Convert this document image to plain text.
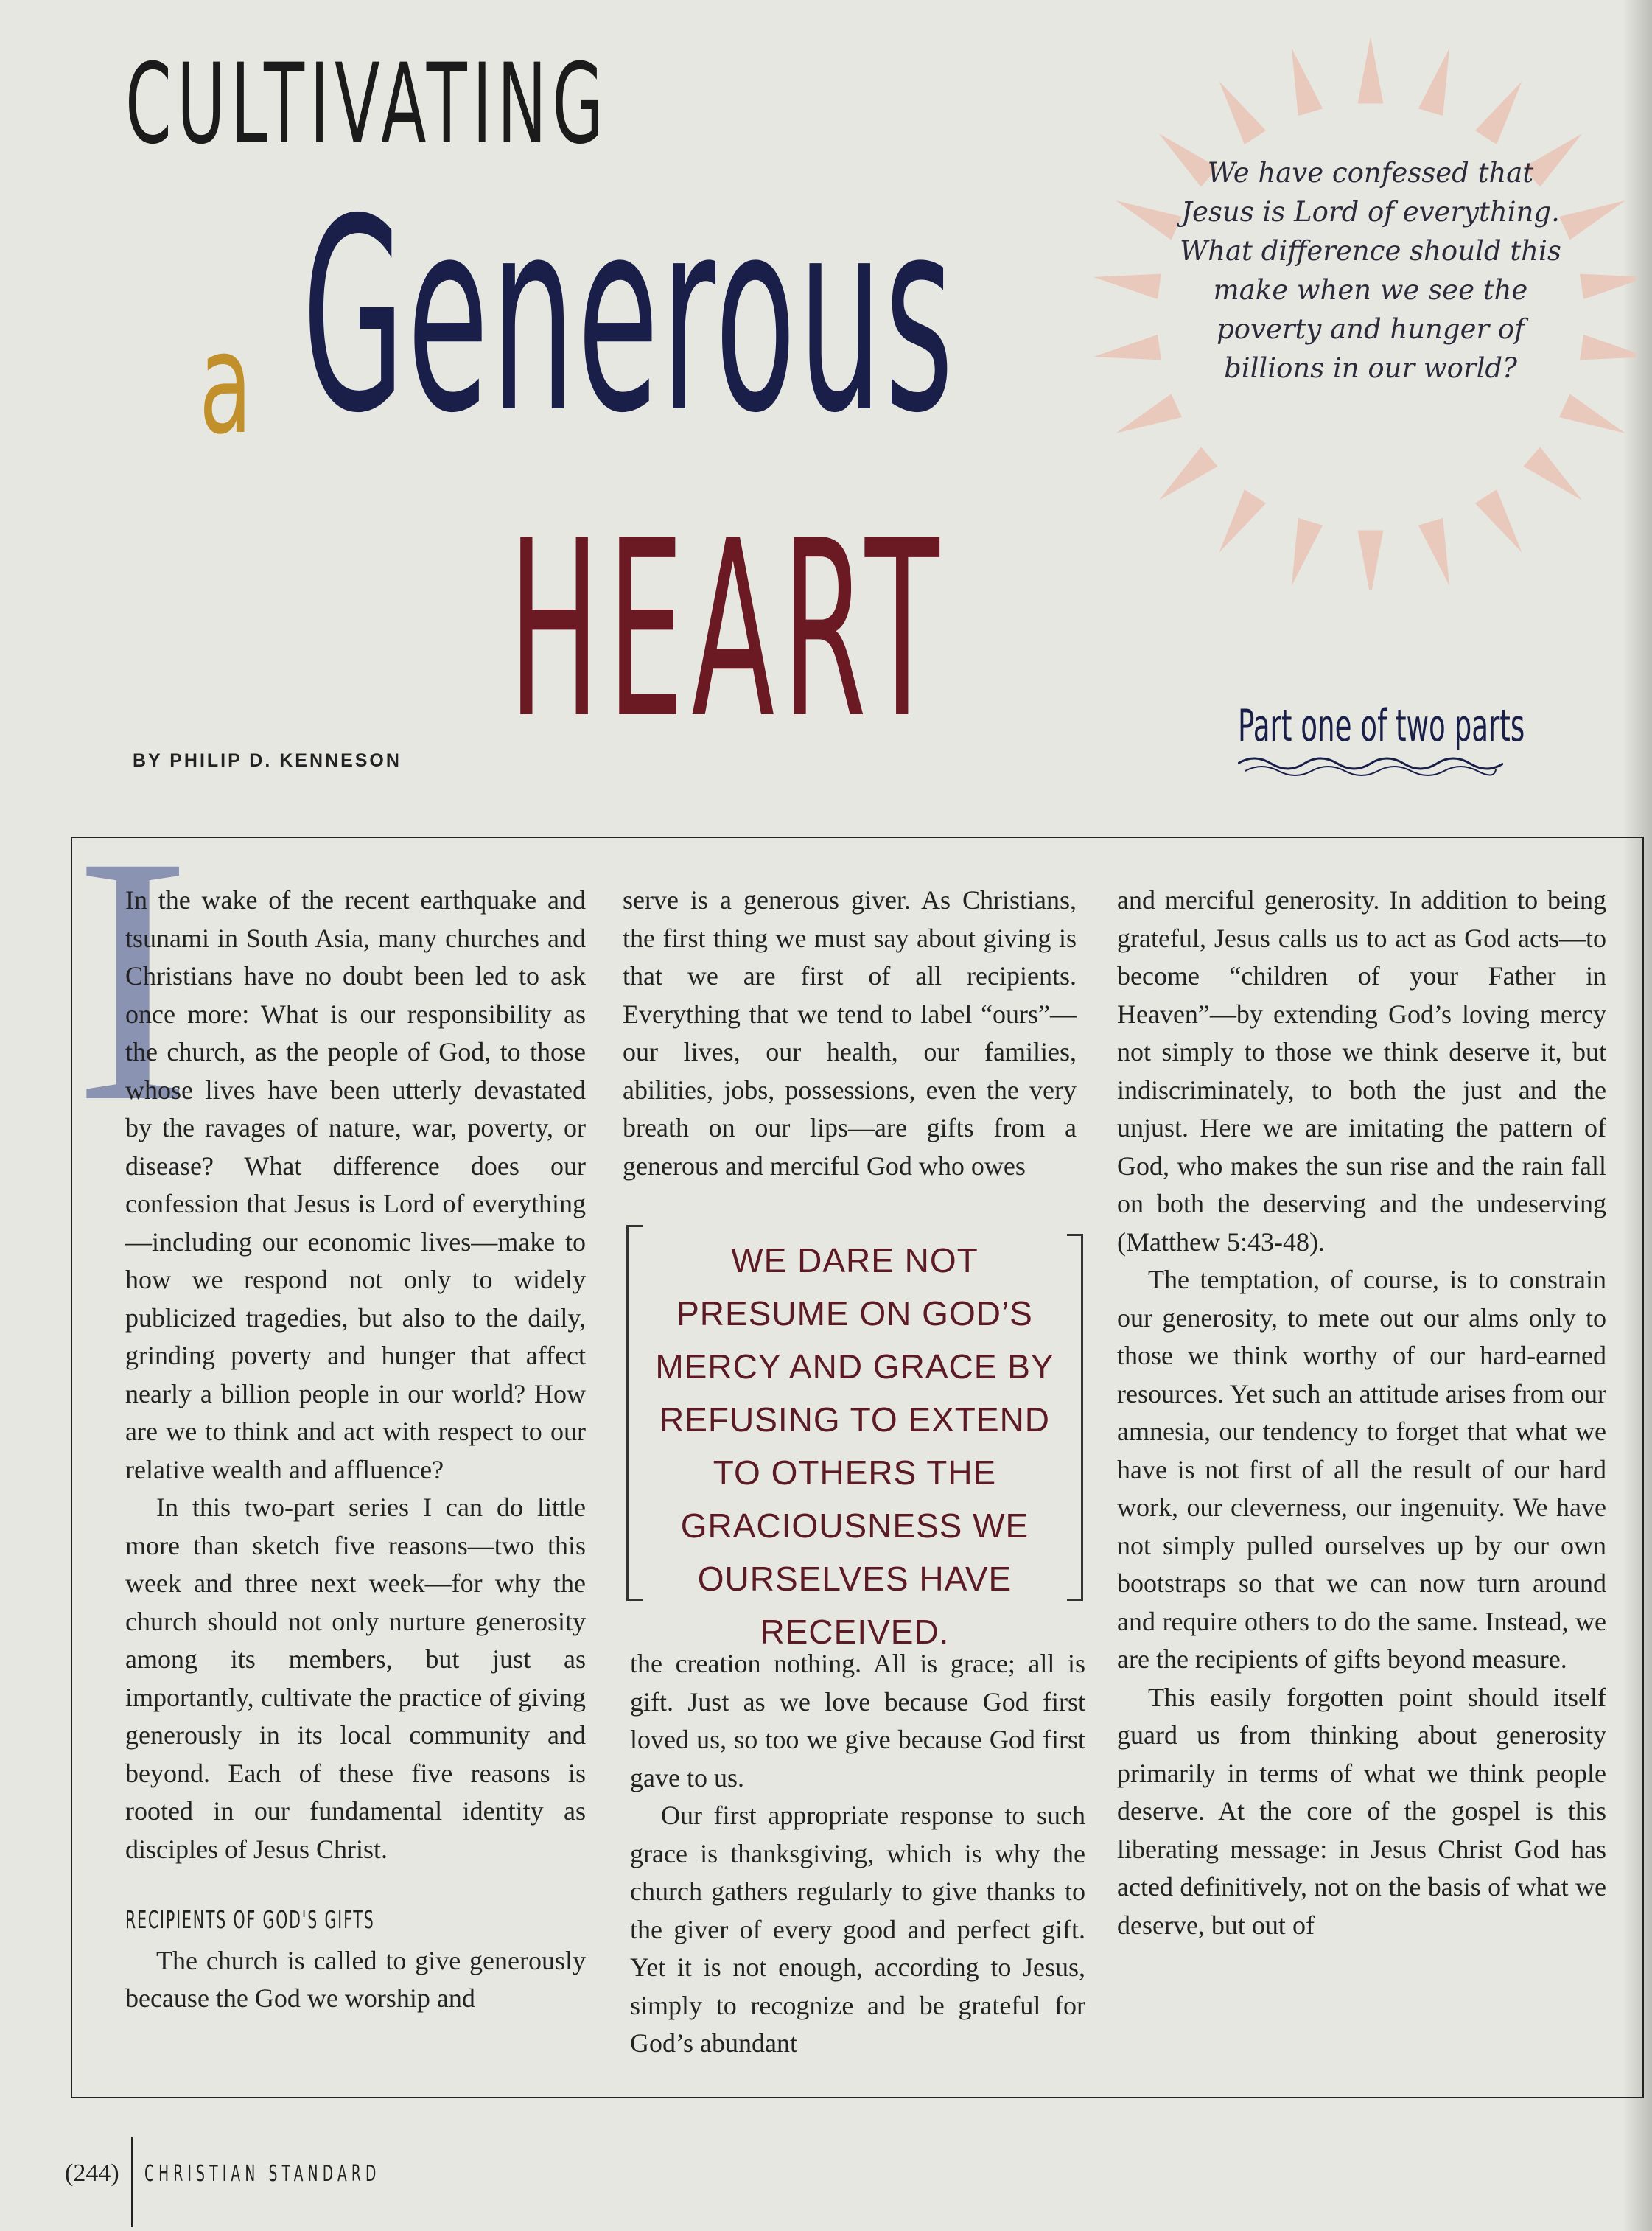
CULTIVATING
a Generous
HEART
BY PHILIP D. KENNESON
We have confessed that Jesus is Lord of everything. What difference should this make when we see the poverty and hunger of billions in our world?
Part one of two parts
I

In the wake of the recent earthquake and tsunami in South Asia, many churches and Christians have no doubt been led to ask once more: What is our responsibility as the church, as the people of God, to those whose lives have been utterly devastated by the ravages of nature, war, poverty, or disease? What difference does our confession that Jesus is Lord of everything—including our economic lives—make to how we respond not only to widely publicized tragedies, but also to the daily, grinding poverty and hunger that affect nearly a billion people in our world? How are we to think and act with respect to our relative wealth and affluence?

In this two-part series I can do little more than sketch five reasons—two this week and three next week—for why the church should not only nurture generosity among its members, but just as importantly, cultivate the practice of giving generously in its local community and beyond. Each of these five reasons is rooted in our fundamental identity as disciples of Jesus Christ.

RECIPIENTS OF GOD'S GIFTS

The church is called to give generously because the God we worship and

serve is a generous giver. As Christians, the first thing we must say about giving is that we are first of all recipients. Everything that we tend to label “ours”—our lives, our health, our families, abilities, jobs, possessions, even the very breath on our lips—are gifts from a generous and merciful God who owes

WE DARE NOT PRESUME ON GOD’S MERCY AND GRACE BY REFUSING TO EXTEND TO OTHERS THE GRACIOUSNESS WE OURSELVES HAVE RECEIVED.

the creation nothing. All is grace; all is gift. Just as we love because God first loved us, so too we give because God first gave to us.

Our first appropriate response to such grace is thanksgiving, which is why the church gathers regularly to give thanks to the giver of every good and perfect gift. Yet it is not enough, according to Jesus, simply to recognize and be grateful for God’s abundant

and merciful generosity. In addition to being grateful, Jesus calls us to act as God acts—to become “children of your Father in Heaven”—by extending God’s loving mercy not simply to those we think deserve it, but indiscriminately, to both the just and the unjust. Here we are imitating the pattern of God, who makes the sun rise and the rain fall on both the deserving and the undeserving (Matthew 5:43-48).

The temptation, of course, is to constrain our generosity, to mete out our alms only to those we think worthy of our hard-earned resources. Yet such an attitude arises from our amnesia, our tendency to forget that what we have is not first of all the result of our hard work, our cleverness, our ingenuity. We have not simply pulled ourselves up by our own bootstraps so that we can now turn around and require others to do the same. Instead, we are the recipients of gifts beyond measure.

This easily forgotten point should itself guard us from thinking about generosity primarily in terms of what we think people deserve. At the core of the gospel is this liberating message: in Jesus Christ God has acted definitively, not on the basis of what we deserve, but out of

(244) CHRISTIAN STANDARD
